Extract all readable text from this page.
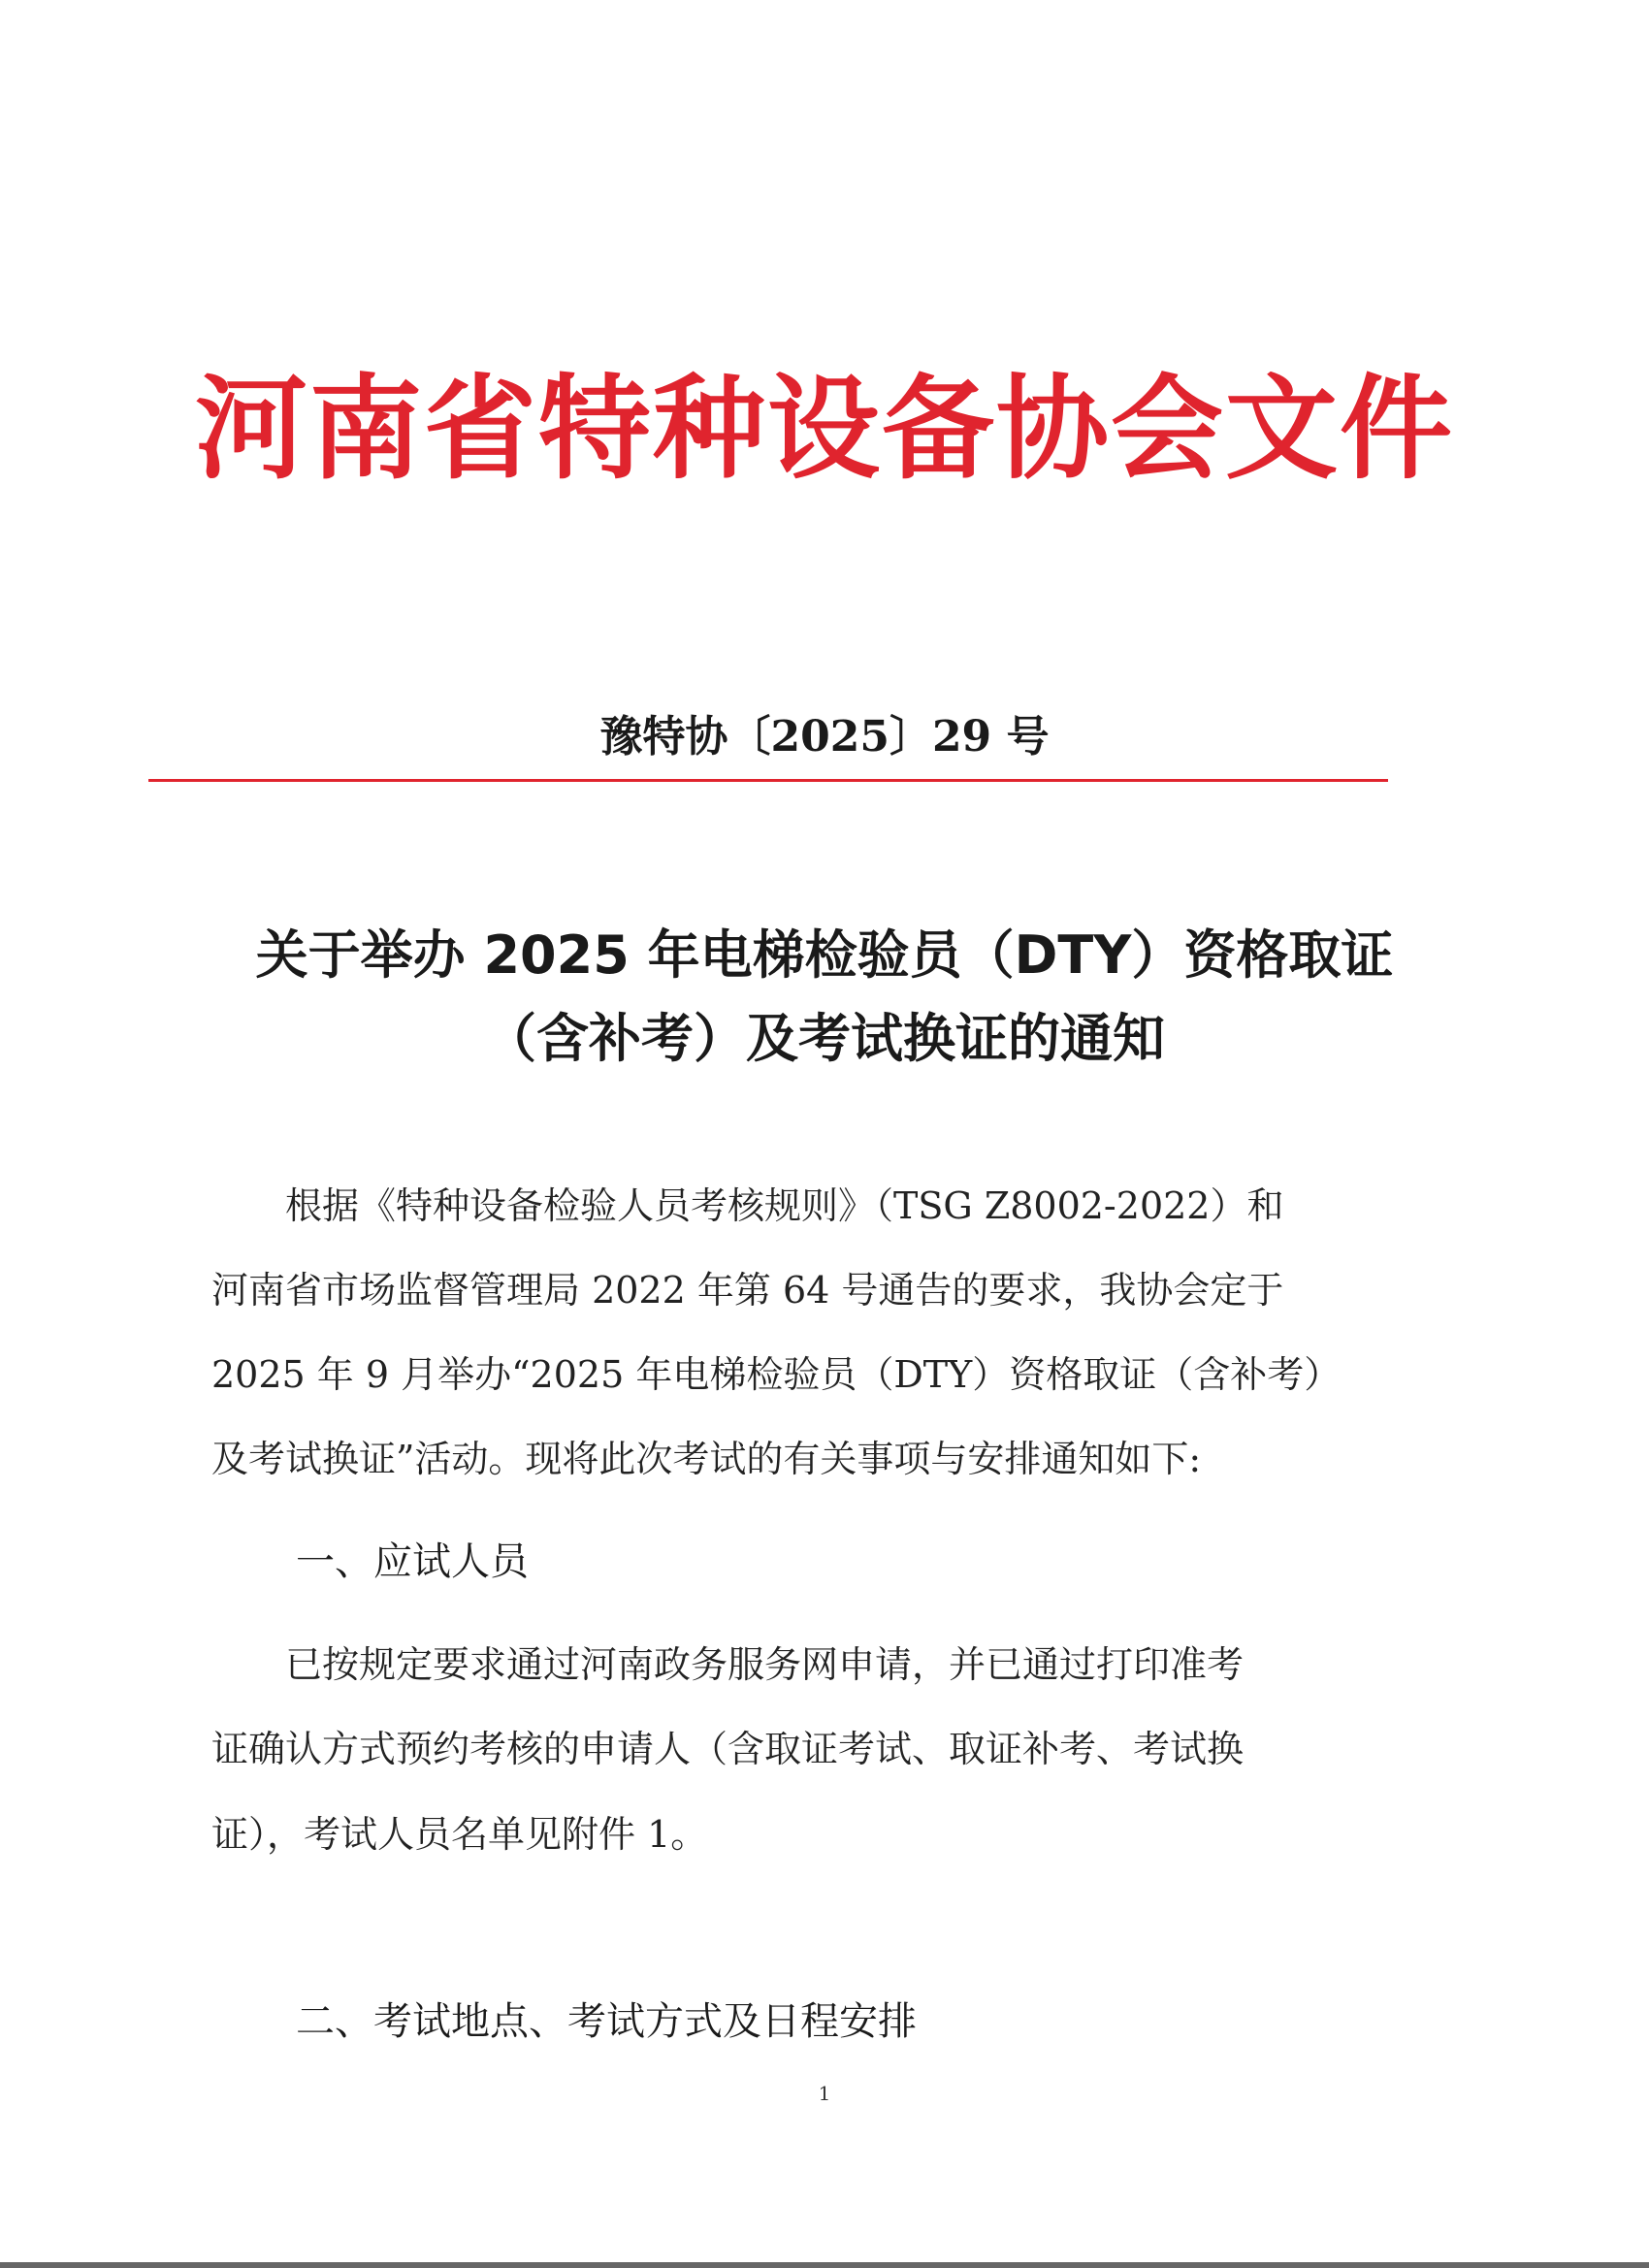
河南省特种设备协会文件
豫特协〔2025〕29 号
关于举办 2025 年电梯检验员（DTY）资格取证
（含补考）及考试换证的通知
　　根据《特种设备检验人员考核规则》（TSG Z8002-2022）和
河南省市场监督管理局 2022 年第 64 号通告的要求，我协会定于
2025 年 9 月举办“2025 年电梯检验员（DTY）资格取证（含补考）
及考试换证”活动。现将此次考试的有关事项与安排通知如下:
一、应试人员
　　已按规定要求通过河南政务服务网申请，并已通过打印准考
证确认方式预约考核的申请人（含取证考试、取证补考、考试换
证），考试人员名单见附件 1。
二、考试地点、考试方式及日程安排
1
